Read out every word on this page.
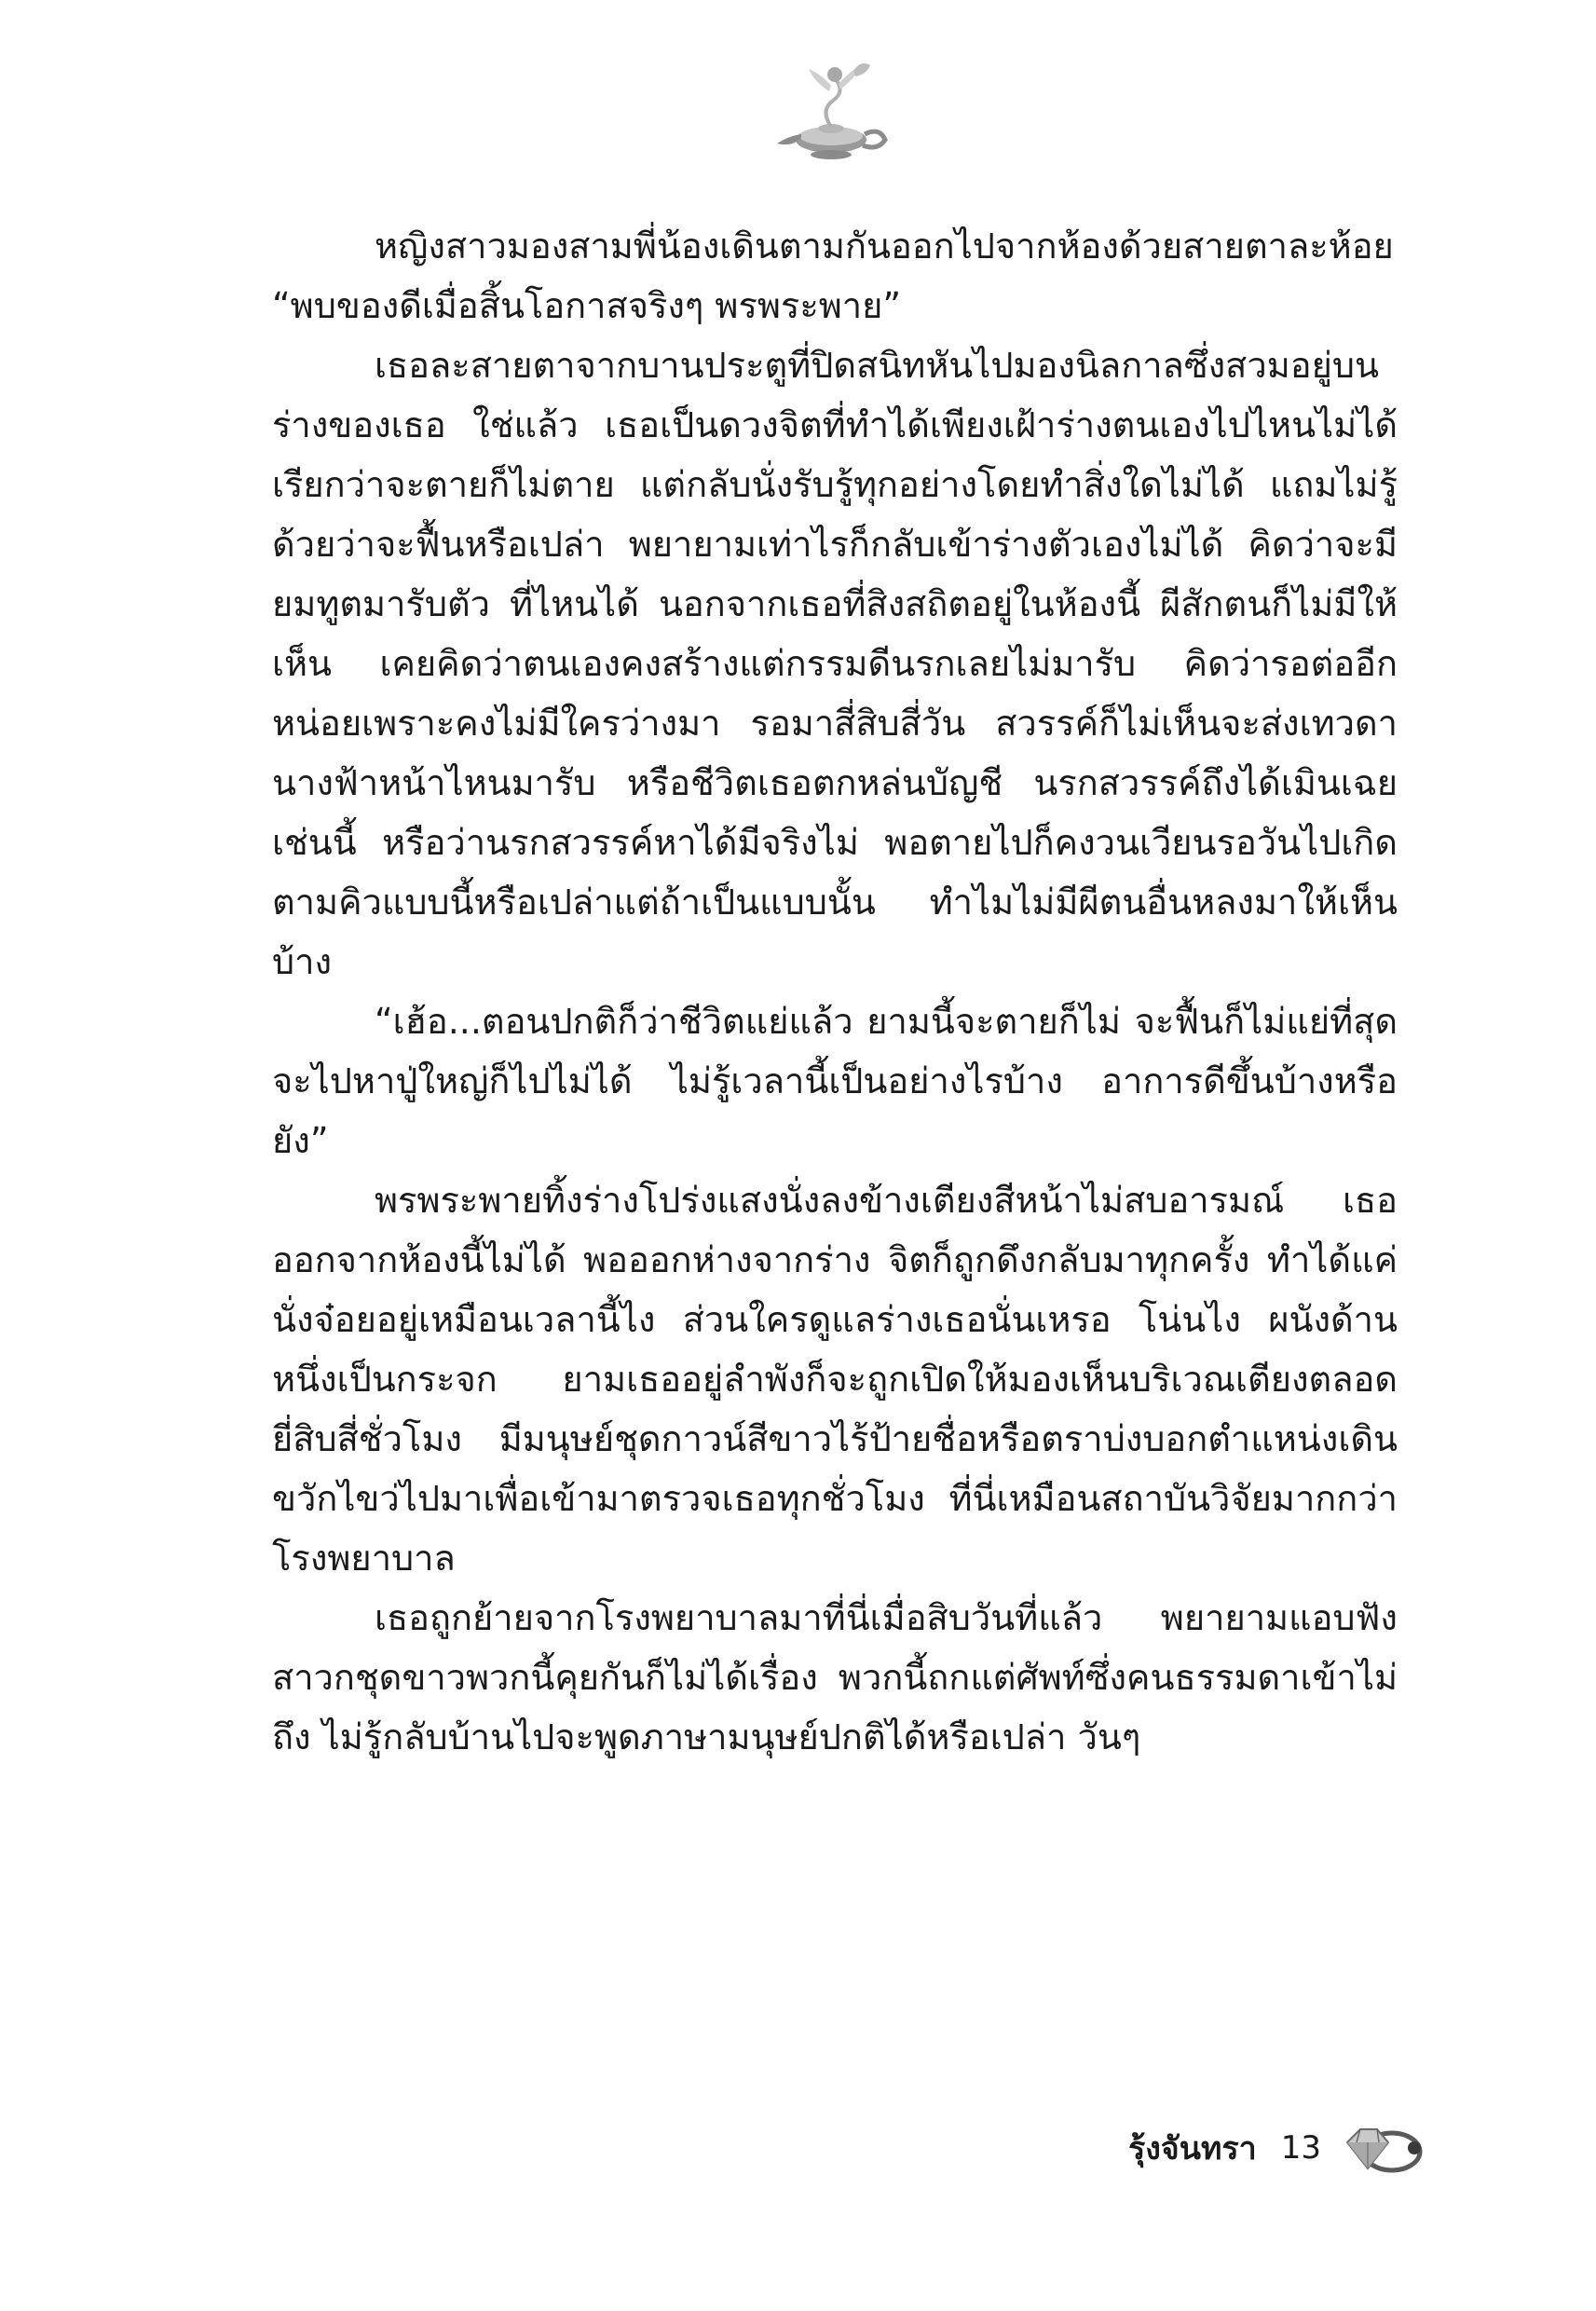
หญิงสาวมองสามพี่น้องเดินตามกันออกไปจากห้องด้วยสายตาละห้อย “พบของดีเมื่อสิ้นโอกาสจริงๆ พรพระพาย”

เธอละสายตาจากบานประตูที่ปิดสนิทหันไปมองนิลกาลซึ่งสวมอยู่บนร่างของเธอ ใช่แล้ว เธอเป็นดวงจิตที่ทำได้เพียงเฝ้าร่างตนเองไปไหนไม่ได้ เรียกว่าจะตายก็ไม่ตาย แต่กลับนั่งรับรู้ทุกอย่างโดยทำสิ่งใดไม่ได้ แถมไม่รู้ด้วยว่าจะฟื้นหรือเปล่า พยายามเท่าไรก็กลับเข้าร่างตัวเองไม่ได้ คิดว่าจะมียมทูตมารับตัว ที่ไหนได้ นอกจากเธอที่สิงสถิตอยู่ในห้องนี้ ผีสักตนก็ไม่มีให้เห็น เคยคิดว่าตนเองคงสร้างแต่กรรมดีนรกเลยไม่มารับ คิดว่ารอต่ออีกหน่อยเพราะคงไม่มีใครว่างมา รอมาสี่สิบสี่วัน สวรรค์ก็ไม่เห็นจะส่งเทวดานางฟ้าหน้าไหนมารับ หรือชีวิตเธอตกหล่นบัญชี นรกสวรรค์ถึงได้เมินเฉยเช่นนี้ หรือว่านรกสวรรค์หาได้มีจริงไม่ พอตายไปก็คงวนเวียนรอวันไปเกิดตามคิวแบบนี้หรือเปล่าแต่ถ้าเป็นแบบนั้น ทำไมไม่มีผีตนอื่นหลงมาให้เห็นบ้าง

“เฮ้อ...ตอนปกติก็ว่าชีวิตแย่แล้ว ยามนี้จะตายก็ไม่ จะฟื้นก็ไม่แย่ที่สุด จะไปหาปู่ใหญ่ก็ไปไม่ได้ ไม่รู้เวลานี้เป็นอย่างไรบ้าง อาการดีขึ้นบ้างหรือยัง”

พรพระพายทิ้งร่างโปร่งแสงนั่งลงข้างเตียงสีหน้าไม่สบอารมณ์ เธอออกจากห้องนี้ไม่ได้ พอออกห่างจากร่าง จิตก็ถูกดึงกลับมาทุกครั้ง ทำได้แค่นั่งจ๋อยอยู่เหมือนเวลานี้ไง ส่วนใครดูแลร่างเธอนั่นเหรอ โน่นไง ผนังด้านหนึ่งเป็นกระจก ยามเธออยู่ลำพังก็จะถูกเปิดให้มองเห็นบริเวณเตียงตลอดยี่สิบสี่ชั่วโมง มีมนุษย์ชุดกาวน์สีขาวไร้ป้ายชื่อหรือตราบ่งบอกตำแหน่งเดินขวักไขว่ไปมาเพื่อเข้ามาตรวจเธอทุกชั่วโมง ที่นี่เหมือนสถาบันวิจัยมากกว่าโรงพยาบาล

เธอถูกย้ายจากโรงพยาบาลมาที่นี่เมื่อสิบวันที่แล้ว พยายามแอบฟังสาวกชุดขาวพวกนี้คุยกันก็ไม่ได้เรื่อง พวกนี้ถกแต่ศัพท์ซึ่งคนธรรมดาเข้าไม่ถึง ไม่รู้กลับบ้านไปจะพูดภาษามนุษย์ปกติได้หรือเปล่า วันๆ

รุ้งจันทรา 13
